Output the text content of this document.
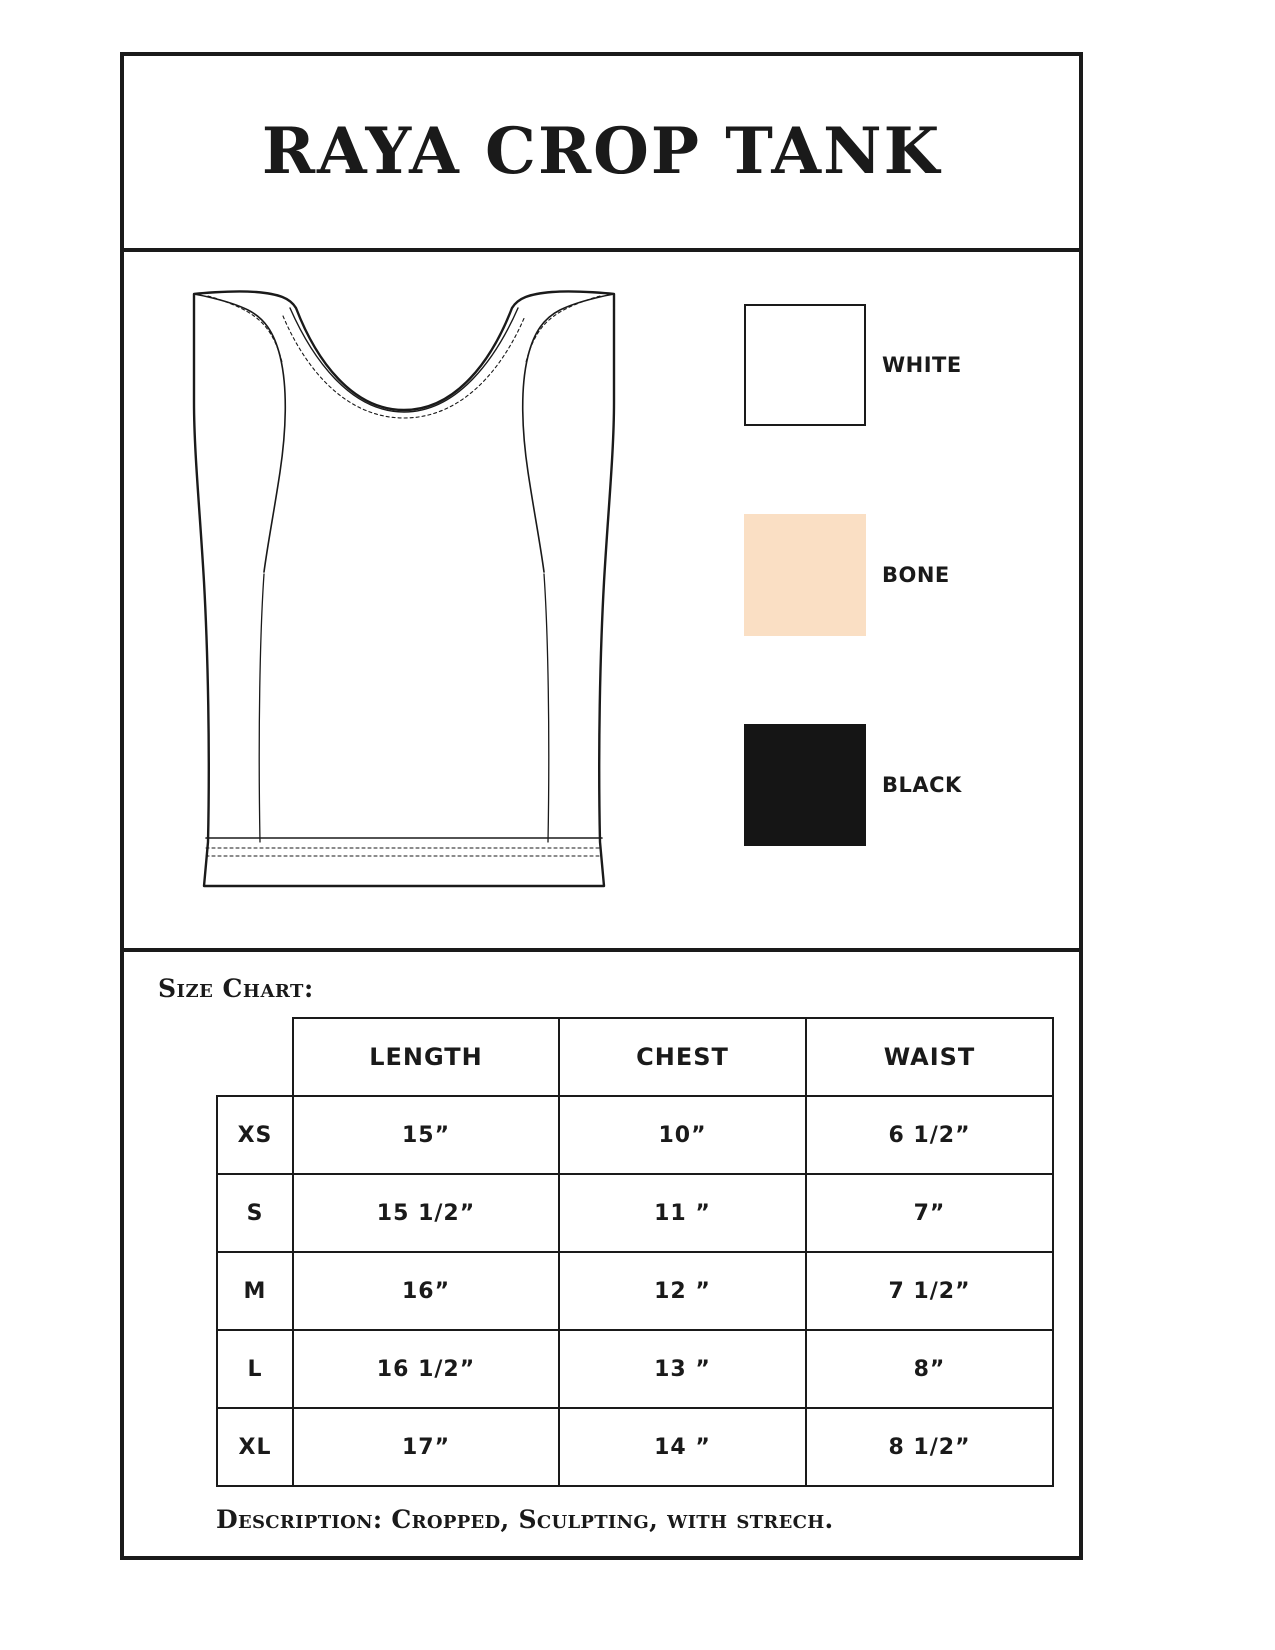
RAYA CROP TANK
WHITE
BONE
BLACK
Size Chart:
	LENGTH	CHEST	WAIST
XS	15”	10”	6 1/2”
S	15 1/2”	11 ”	7”
M	16”	12 ”	7 1/2”
L	16 1/2”	13 ”	8”
XL	17”	14 ”	8 1/2”
Description: Cropped, Sculpting, with strech.
